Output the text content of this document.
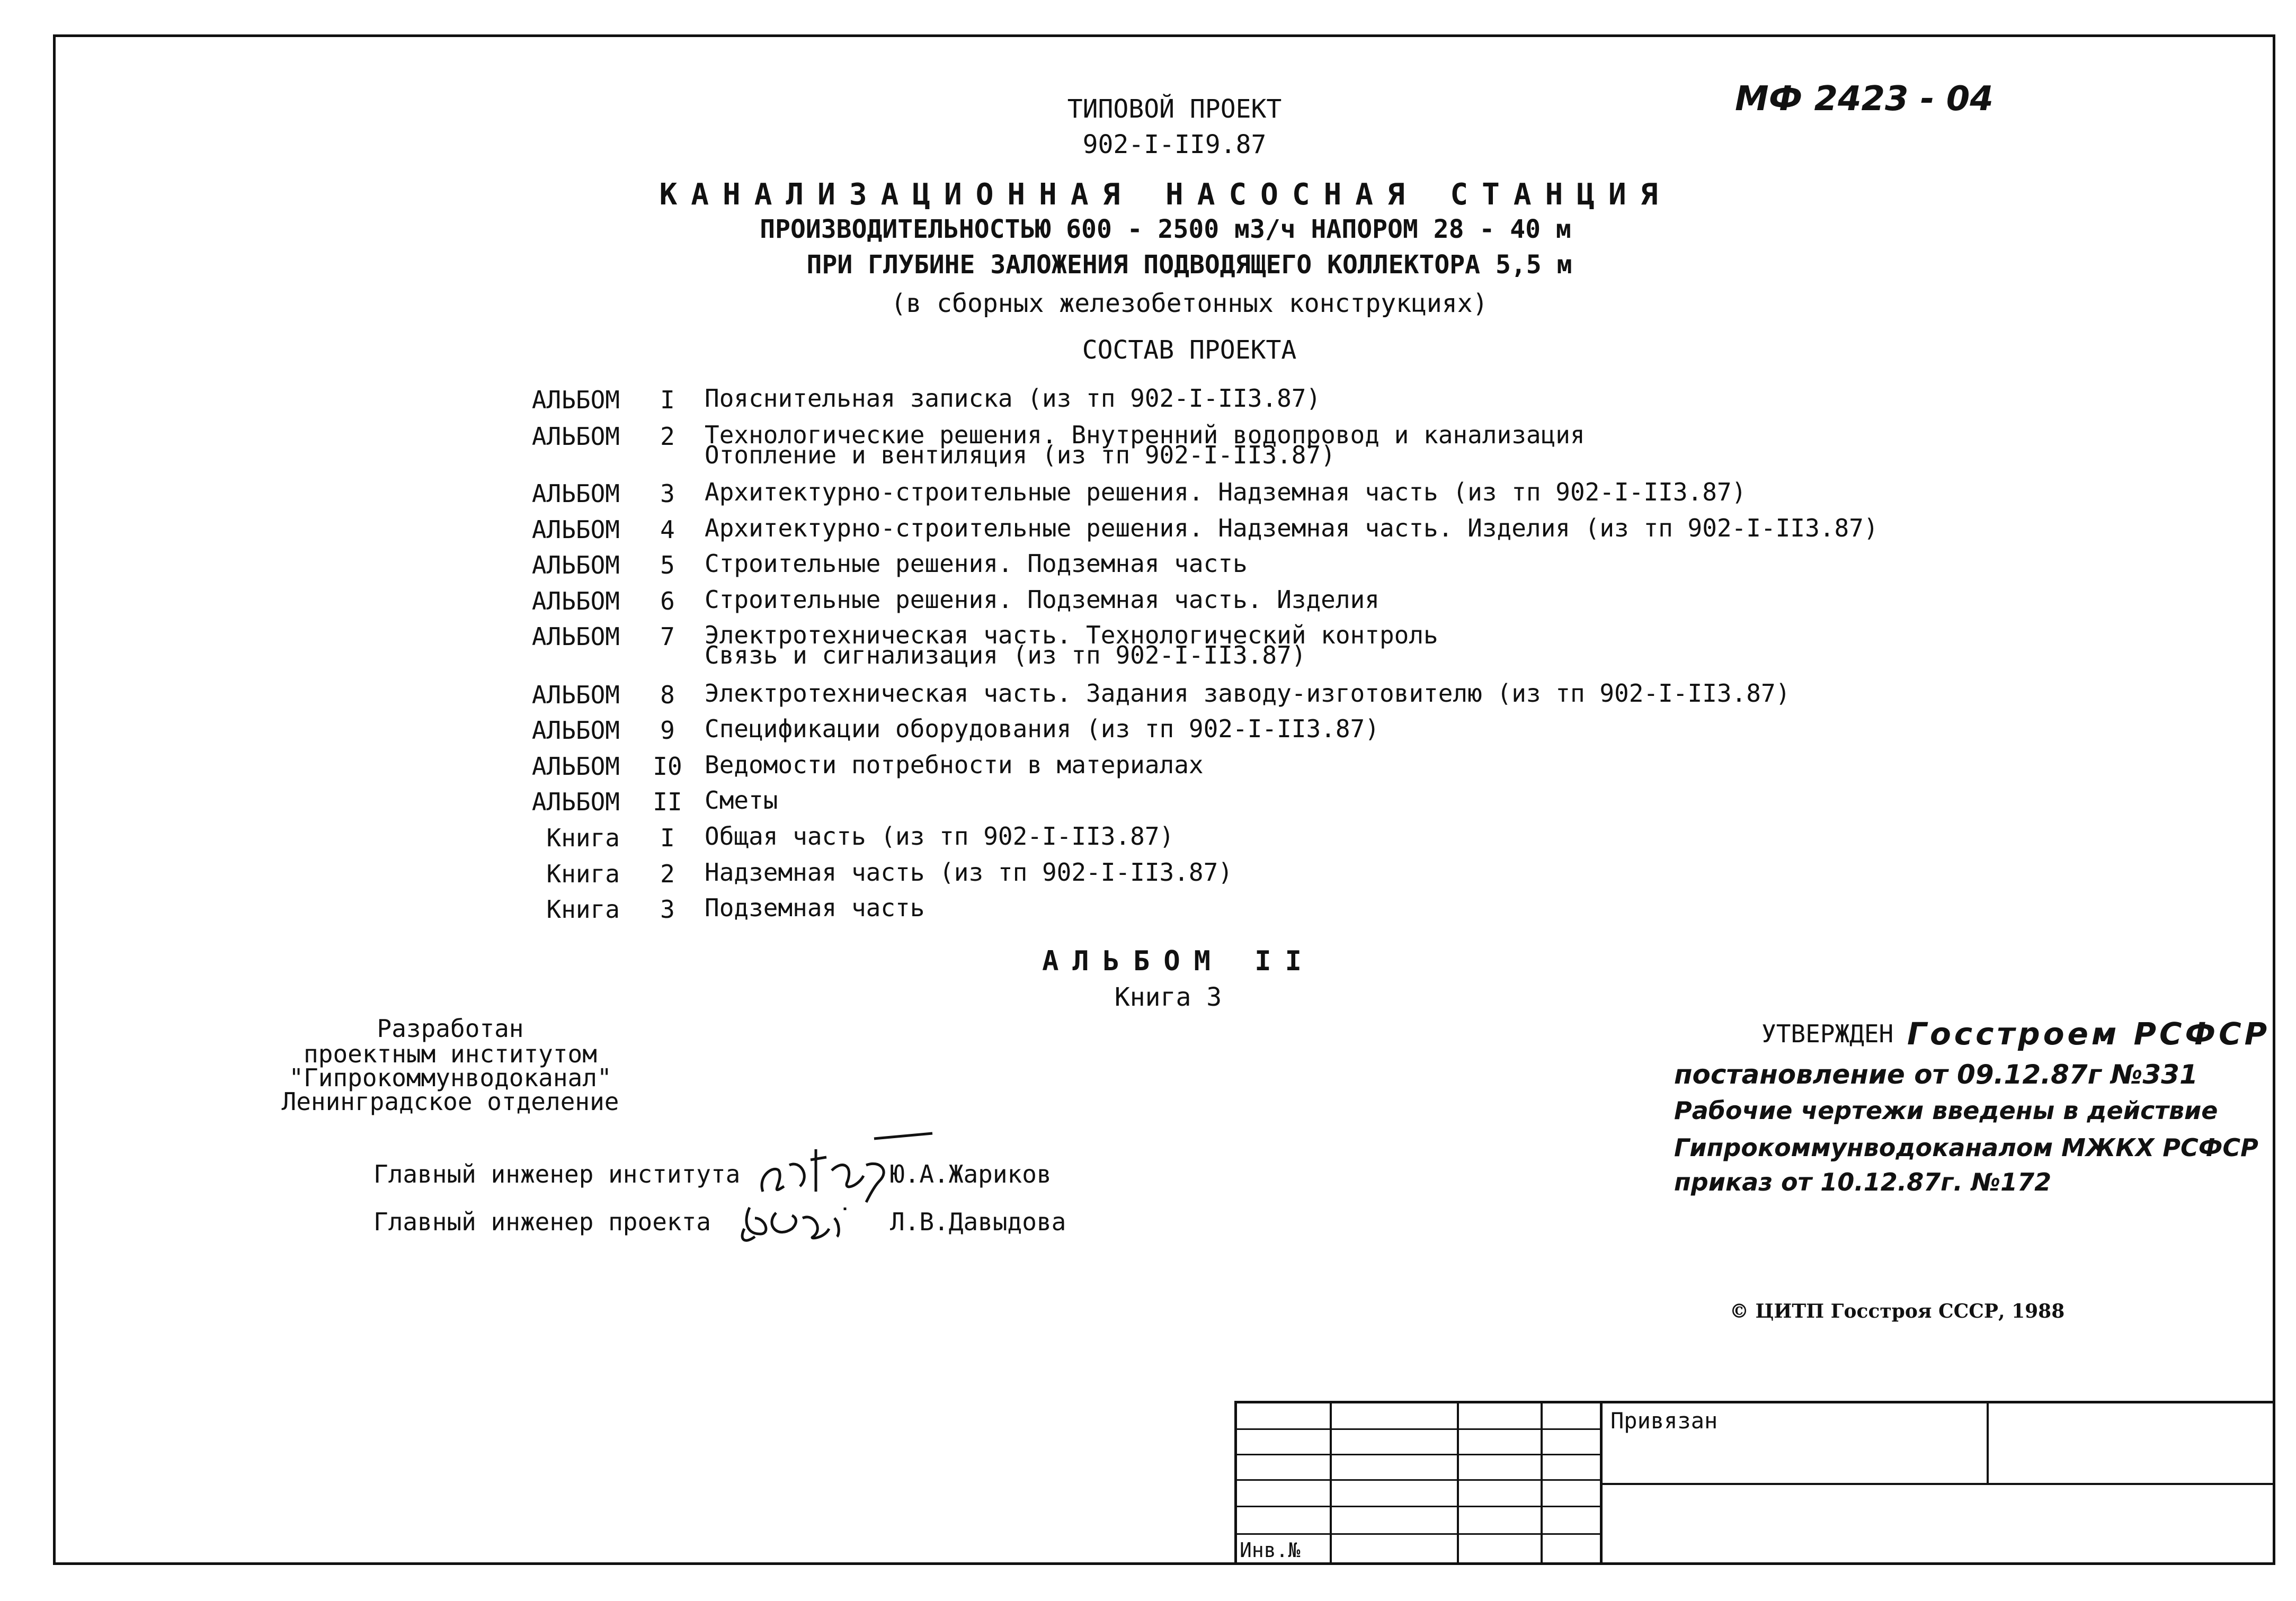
МФ 2423 - 04
ТИПОВОЙ ПРОЕКТ
902-I-II9.87
КАНАЛИЗАЦИОННАЯ НАСОСНАЯ СТАНЦИЯ
ПРОИЗВОДИТЕЛЬНОСТЬЮ 600 - 2500 м3/ч НАПОРОМ 28 - 40 м
ПРИ ГЛУБИНЕ ЗАЛОЖЕНИЯ ПОДВОДЯЩЕГО КОЛЛЕКТОРА 5,5 м
(в сборных железобетонных конструкциях)
СОСТАВ ПРОЕКТА
АЛЬБОМ	I	Пояснительная записка (из тп 902-I-II3.87)
АЛЬБОМ	2	Технологические решения. Внутренний водопровод и канализация
Отопление и вентиляция (из тп 902-I-II3.87)
АЛЬБОМ	3	Архитектурно-строительные решения. Надземная часть (из тп 902-I-II3.87)
АЛЬБОМ	4	Архитектурно-строительные решения. Надземная часть. Изделия (из тп 902-I-II3.87)
АЛЬБОМ	5	Строительные решения. Подземная часть
АЛЬБОМ	6	Строительные решения. Подземная часть. Изделия
АЛЬБОМ	7	Электротехническая часть. Технологический контроль
Связь и сигнализация (из тп 902-I-II3.87)
АЛЬБОМ	8	Электротехническая часть. Задания заводу-изготовителю (из тп 902-I-II3.87)
АЛЬБОМ	9	Спецификации оборудования (из тп 902-I-II3.87)
АЛЬБОМ I0 Ведомости потребности в материалах
АЛЬБОМ II Сметы
Книга	I	Общая часть (из тп 902-I-II3.87)
Книга	2	Надземная часть (из тп 902-I-II3.87)
Книга	3	Подземная часть
АЛЬБОМ II
Книга 3
Разработан
проектным институтом
"Гипрокоммунводоканал"
Ленинградское отделение
Главный инженер института	Ю.А.Жариков
Главный инженер проекта	Л.В.Давыдова
УТВЕРЖДЕН Госстроем РСФСР
постановление от 09.12.87г №331
Рабочие чертежи введены в действие
Гипрокоммунводоканалом МЖКХ РСФСР
приказ от 10.12.87г. №172
© ЦИТП Госстроя СССР, 1988
Привязан
Инв.№
